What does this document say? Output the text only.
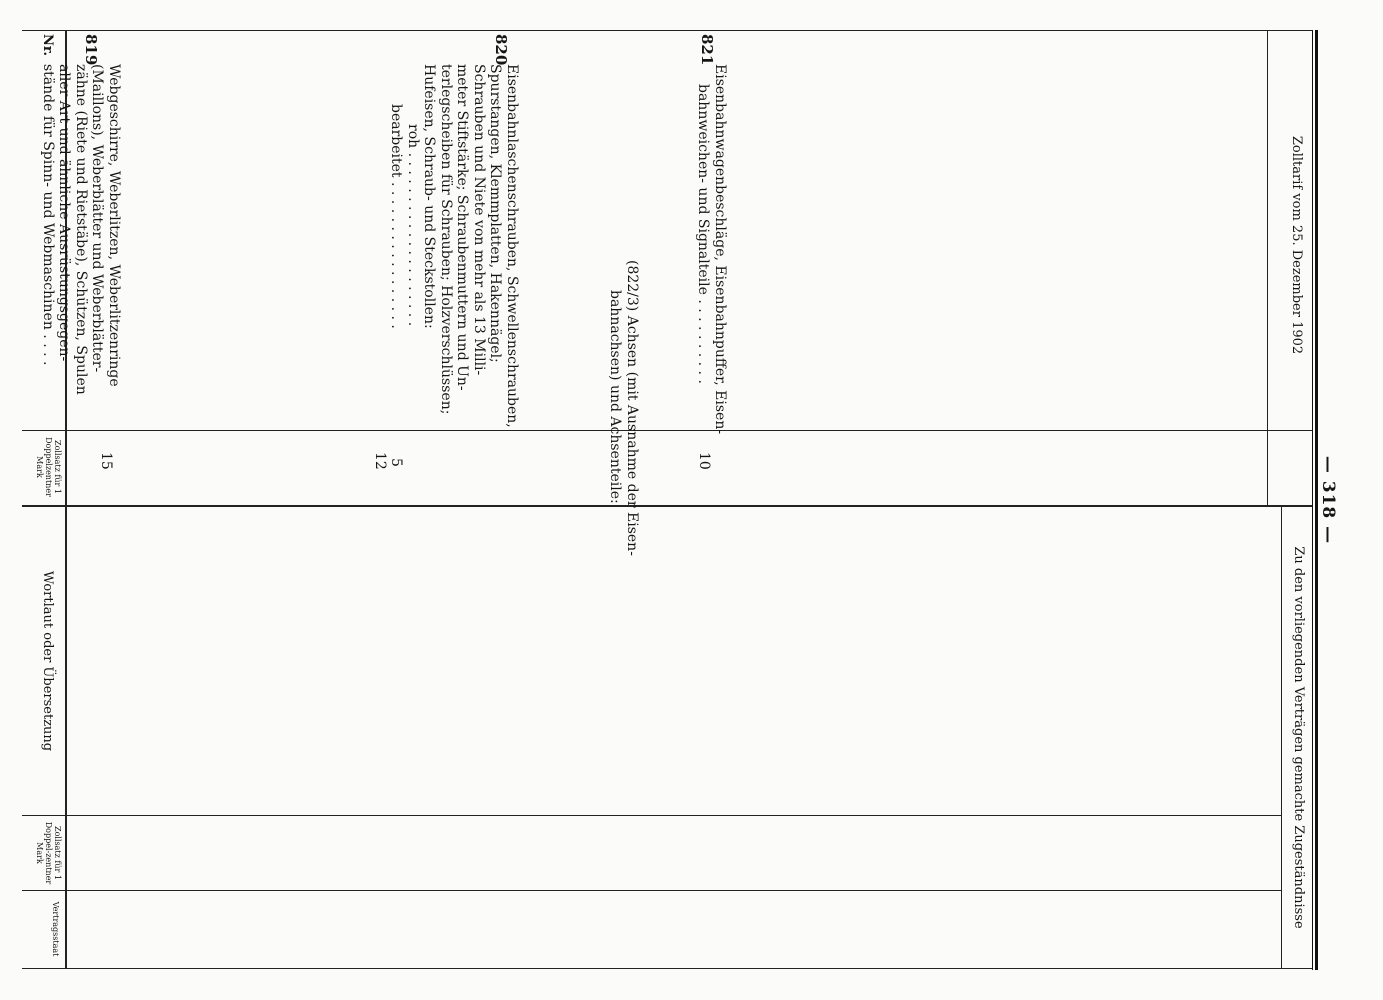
— 318 —
Zolltarif vom 25. Dezember 1902
Nr.
Zollsatz für 1 Doppelzentner Mark
Zu den vorliegenden Verträgen gemachte Zugeständnisse
Wortlaut oder Übersetzung
Zollsatz für 1 Doppel-zentner Mark
Vertragsstaat
819
Webgeschirre, Weberlitzen, Weberlitzenringe
(Maillons), Weberblätter und Weberblätter-
zähne (Riete und Rietstäbe), Schützen, Spulen
aller Art und ähnliche Ausrüstungsgegen-
stände für Spinn- und Webmaschinen . . . .
15
820
Eisenbahnlaschenschrauben, Schwellenschrauben,
Spurstangen, Klemmplatten, Hakennägel;
Schrauben und Niete von mehr als 13 Milli-
meter Stiftstärke; Schraubenmuttern und Un-
terlegscheiben für Schrauben; Holzverschlüssen;
Hufeisen, Schraub- und Steckstollen:
roh . . . . . . . . . . . . . . . . . . . .
bearbeitet . . . . . . . . . . . . . . . . .
5
12
821
Eisenbahnwagenbeschläge, Eisenbahnpuffer, Eisen-
bahnweichen- und Signalteile . . . . . . . . . .
10
(822/3) Achsen (mit Ausnahme der Eisen-
bahnachsen) und Achsenteile:
